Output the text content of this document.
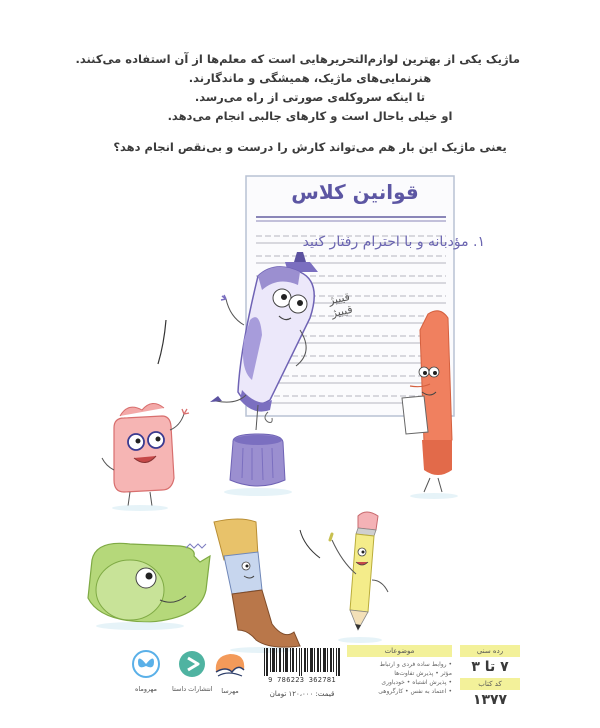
ماژیک یکی از بهترین لوازم‌التحریرهایی است که معلم‌ها از آن استفاده می‌کنند.
هنرنمایی‌های ماژیک، همیشگی و ماندگارند.
تا اینکه سروکله‌ی صورتی از راه می‌رسد.
او خیلی باحال است و کارهای جالبی انجام می‌دهد.
یعنی ماژیک این بار هم می‌تواند کارش را درست و بی‌نقص انجام دهد؟
قوانین کلاس
۱. مؤدبانه و با احترام رفتار کنید
قیییژ
قیییژ
رده سنی
۷ تا ۳
کد کتاب
۱۳۷۷
موضوعات
• روابط ساده فردی و ارتباط
مؤثر • پذیرش تفاوت‌ها
• پذیرش اشتباه • خودباوری
• اعتماد به نفس • کارگروهی
9 786223 362781
قیمت: ۱۲۰،۰۰۰ تومان
مهرسا
انتشارات داستا
مهروماه
